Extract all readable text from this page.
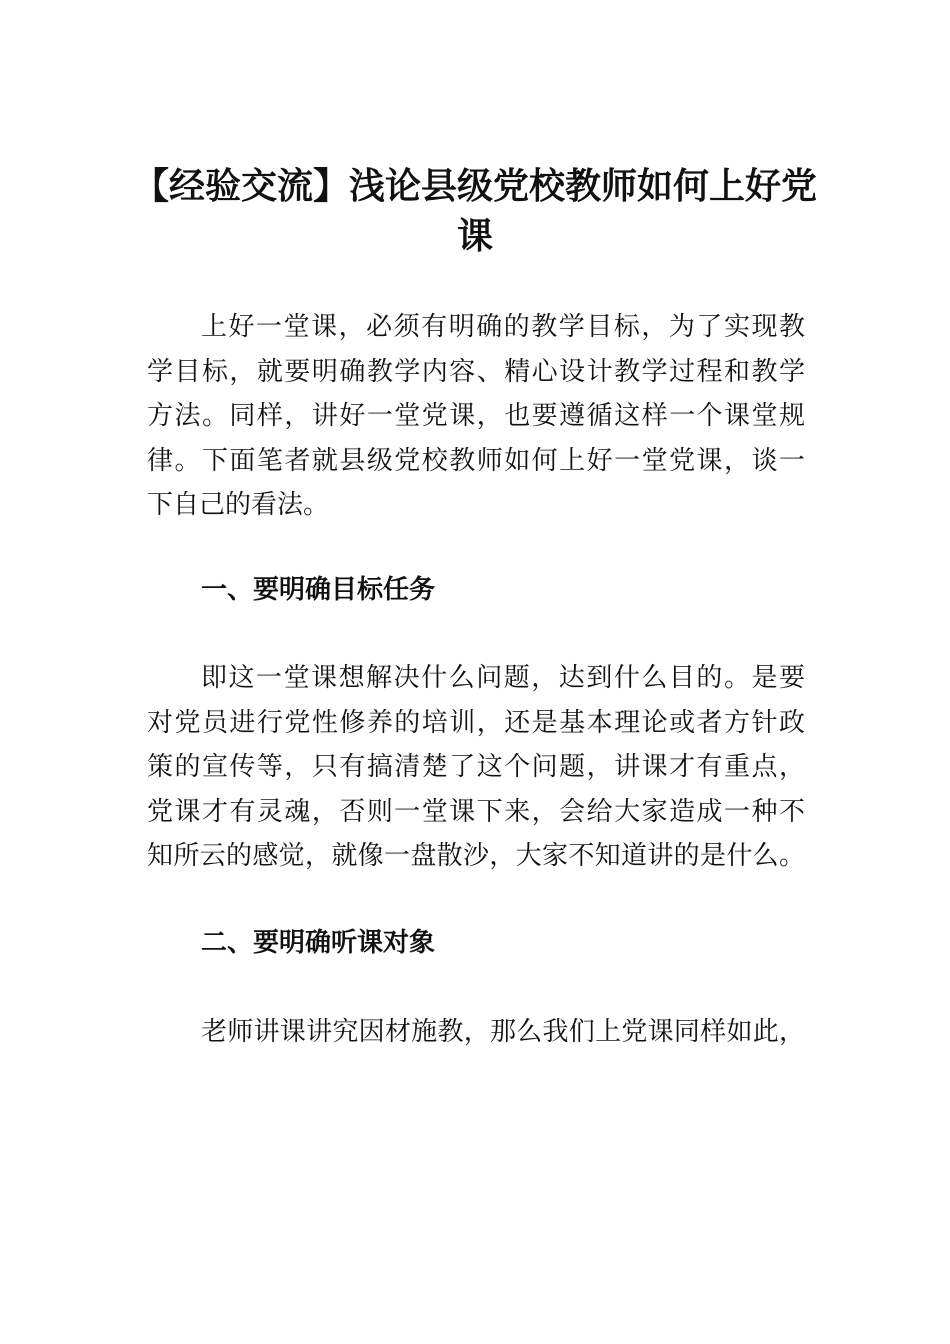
【经验交流】浅论县级党校教师如何上好党
课
上好一堂课，必须有明确的教学目标，为了实现教
学目标，就要明确教学内容、精心设计教学过程和教学
方法。同样，讲好一堂党课，也要遵循这样一个课堂规
律。下面笔者就县级党校教师如何上好一堂党课，谈一
下自己的看法。
一、要明确目标任务
即这一堂课想解决什么问题，达到什么目的。是要
对党员进行党性修养的培训，还是基本理论或者方针政
策的宣传等，只有搞清楚了这个问题，讲课才有重点，
党课才有灵魂，否则一堂课下来，会给大家造成一种不
知所云的感觉，就像一盘散沙，大家不知道讲的是什么。
二、要明确听课对象
老师讲课讲究因材施教，那么我们上党课同样如此，
